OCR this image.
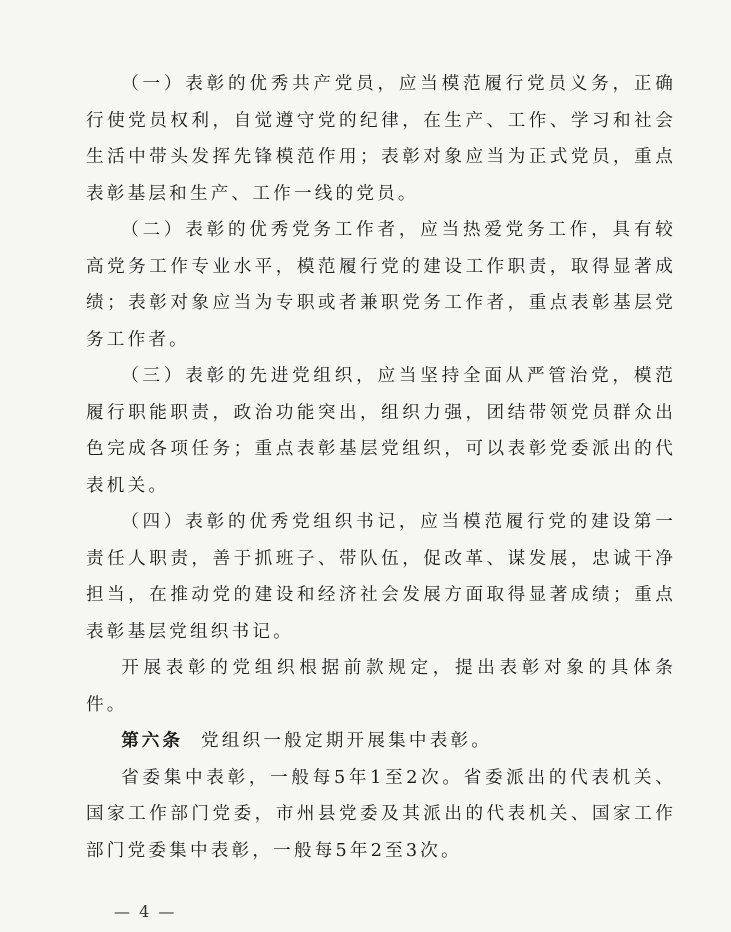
（一）表彰的优秀共产党员，应当模范履行党员义务，正确行使党员权利，自觉遵守党的纪律，在生产、工作、学习和社会生活中带头发挥先锋模范作用；表彰对象应当为正式党员，重点表彰基层和生产、工作一线的党员。

（二）表彰的优秀党务工作者，应当热爱党务工作，具有较高党务工作专业水平，模范履行党的建设工作职责，取得显著成绩；表彰对象应当为专职或者兼职党务工作者，重点表彰基层党务工作者。

（三）表彰的先进党组织，应当坚持全面从严管治党，模范履行职能职责，政治功能突出，组织力强，团结带领党员群众出色完成各项任务；重点表彰基层党组织，可以表彰党委派出的代表机关。

（四）表彰的优秀党组织书记，应当模范履行党的建设第一责任人职责，善于抓班子、带队伍，促改革、谋发展，忠诚干净担当，在推动党的建设和经济社会发展方面取得显著成绩；重点表彰基层党组织书记。

开展表彰的党组织根据前款规定，提出表彰对象的具体条件。

第六条 党组织一般定期开展集中表彰。

省委集中表彰，一般每5年1至2次。省委派出的代表机关、国家工作部门党委，市州县党委及其派出的代表机关、国家工作部门党委集中表彰，一般每5年2至3次。

— 4 —
